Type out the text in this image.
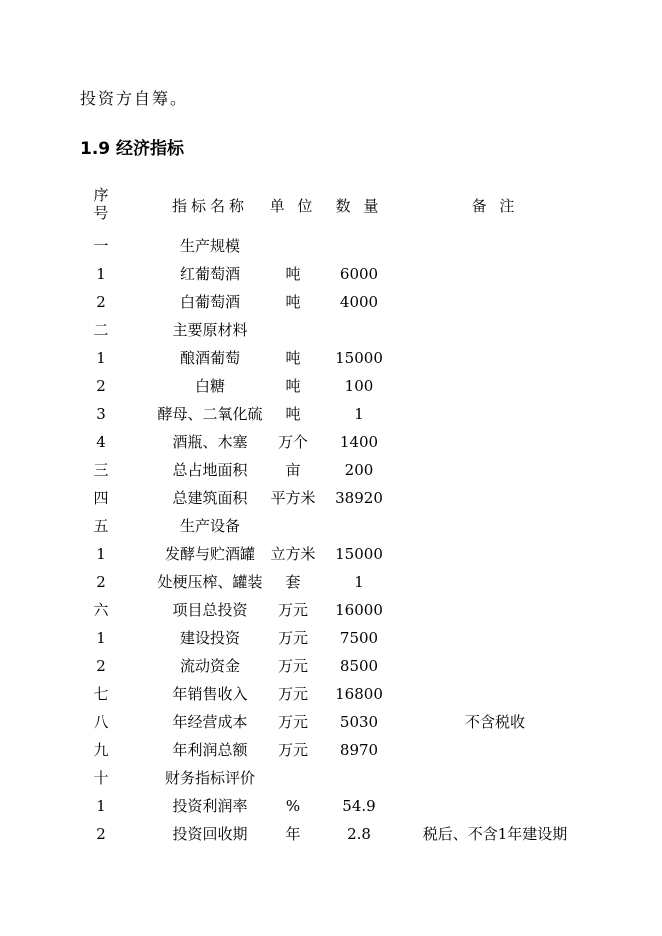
投资方自筹。
1.9 经济指标
序号	指标名称	单 位	数 量	备 注
一	生产规模
1	红葡萄酒	吨	6000
2	白葡萄酒	吨	4000
二	主要原材料
1	酿酒葡萄	吨	15000
2	白糖	吨	100
3	酵母、二氧化硫	吨	1
4	酒瓶、木塞	万个	1400
三	总占地面积	亩	200
四	总建筑面积	平方米	38920
五	生产设备
1	发酵与贮酒罐	立方米	15000
2	处梗压榨、罐装	套	1
六	项目总投资	万元	16000
1	建设投资	万元	7500
2	流动资金	万元	8500
七	年销售收入	万元	16800
八	年经营成本	万元	5030	不含税收
九	年利润总额	万元	8970
十	财务指标评价
1	投资利润率	%	54.9
2	投资回收期	年	2.8	税后、不含1年建设期
